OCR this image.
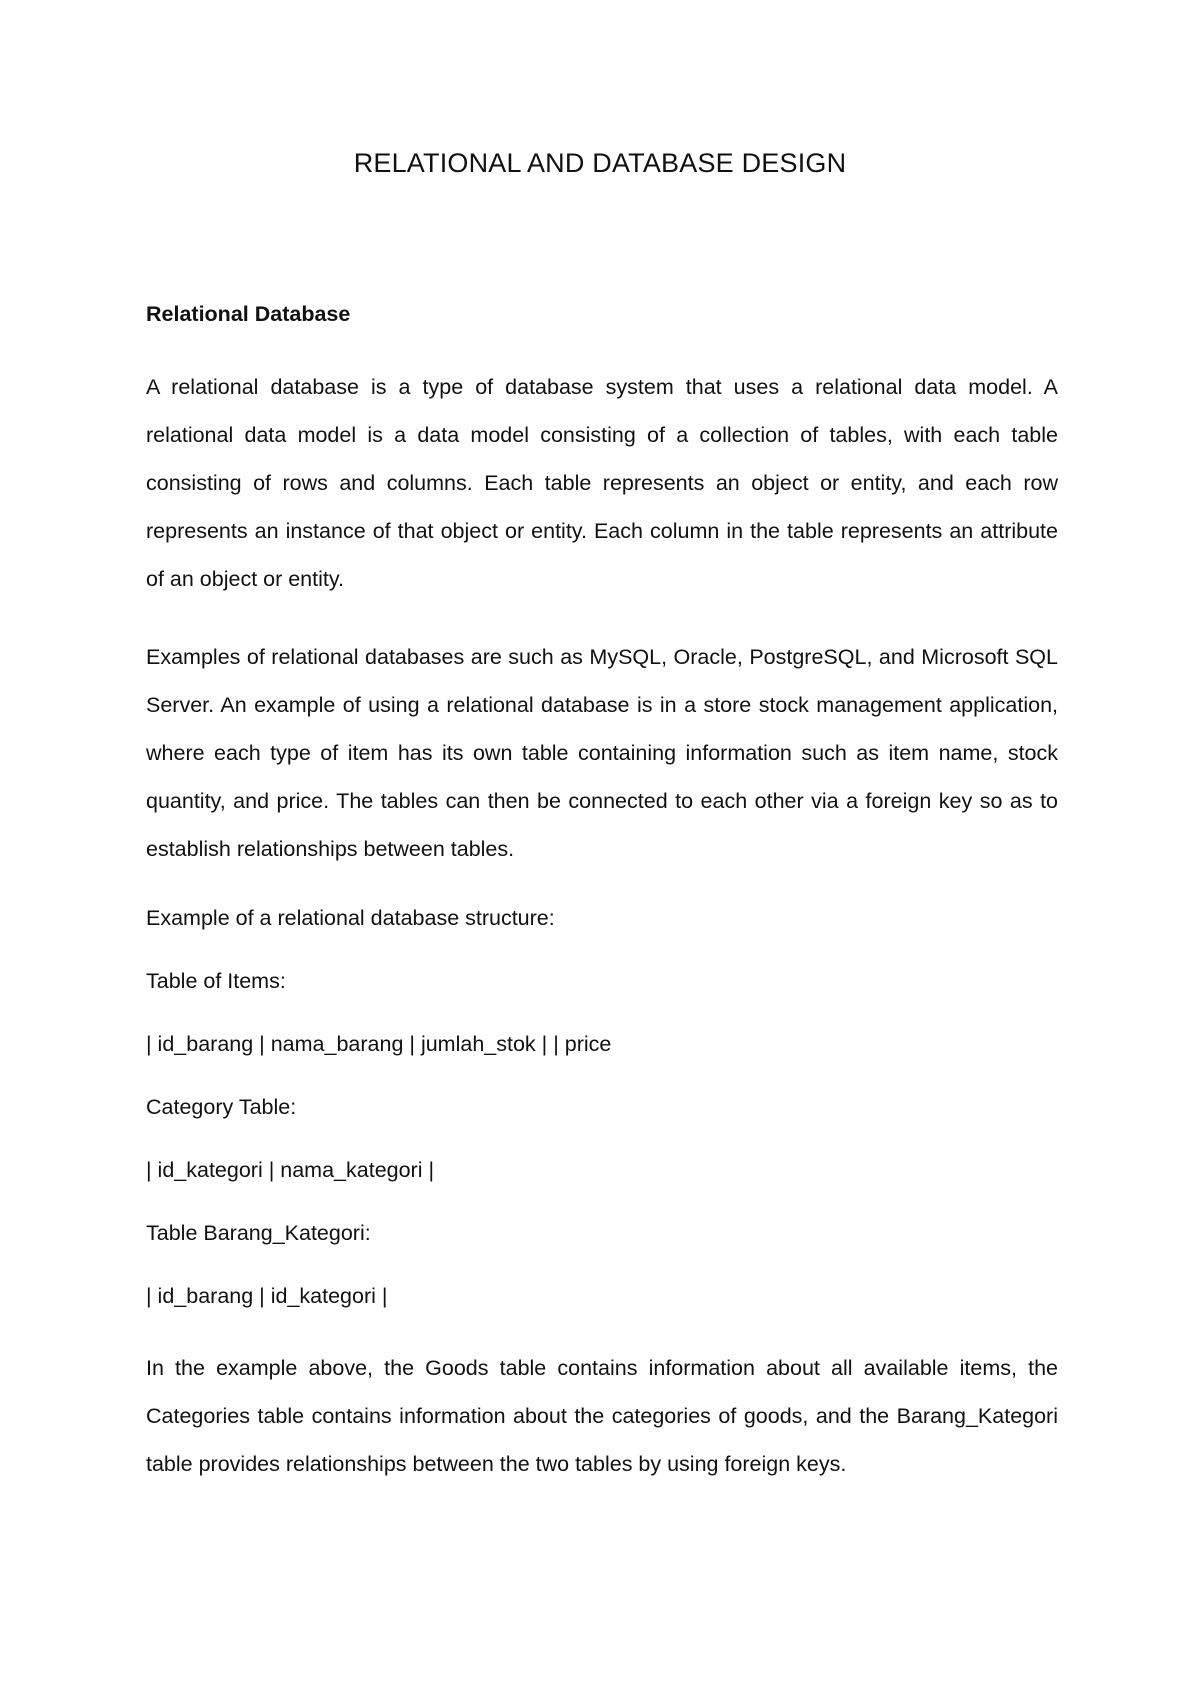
RELATIONAL AND DATABASE DESIGN
Relational Database

A relational database is a type of database system that uses a relational data model. A relational data model is a data model consisting of a collection of tables, with each table consisting of rows and columns. Each table represents an object or entity, and each row represents an instance of that object or entity. Each column in the table represents an attribute of an object or entity.

Examples of relational databases are such as MySQL, Oracle, PostgreSQL, and Microsoft SQL Server. An example of using a relational database is in a store stock management application, where each type of item has its own table containing information such as item name, stock quantity, and price. The tables can then be connected to each other via a foreign key so as to establish relationships between tables.

Example of a relational database structure:
Table of Items:
| id_barang | nama_barang | jumlah_stok | | price
Category Table:
| id_kategori | nama_kategori |
Table Barang_Kategori:
| id_barang | id_kategori |

In the example above, the Goods table contains information about all available items, the Categories table contains information about the categories of goods, and the Barang_Kategori table provides relationships between the two tables by using foreign keys.
